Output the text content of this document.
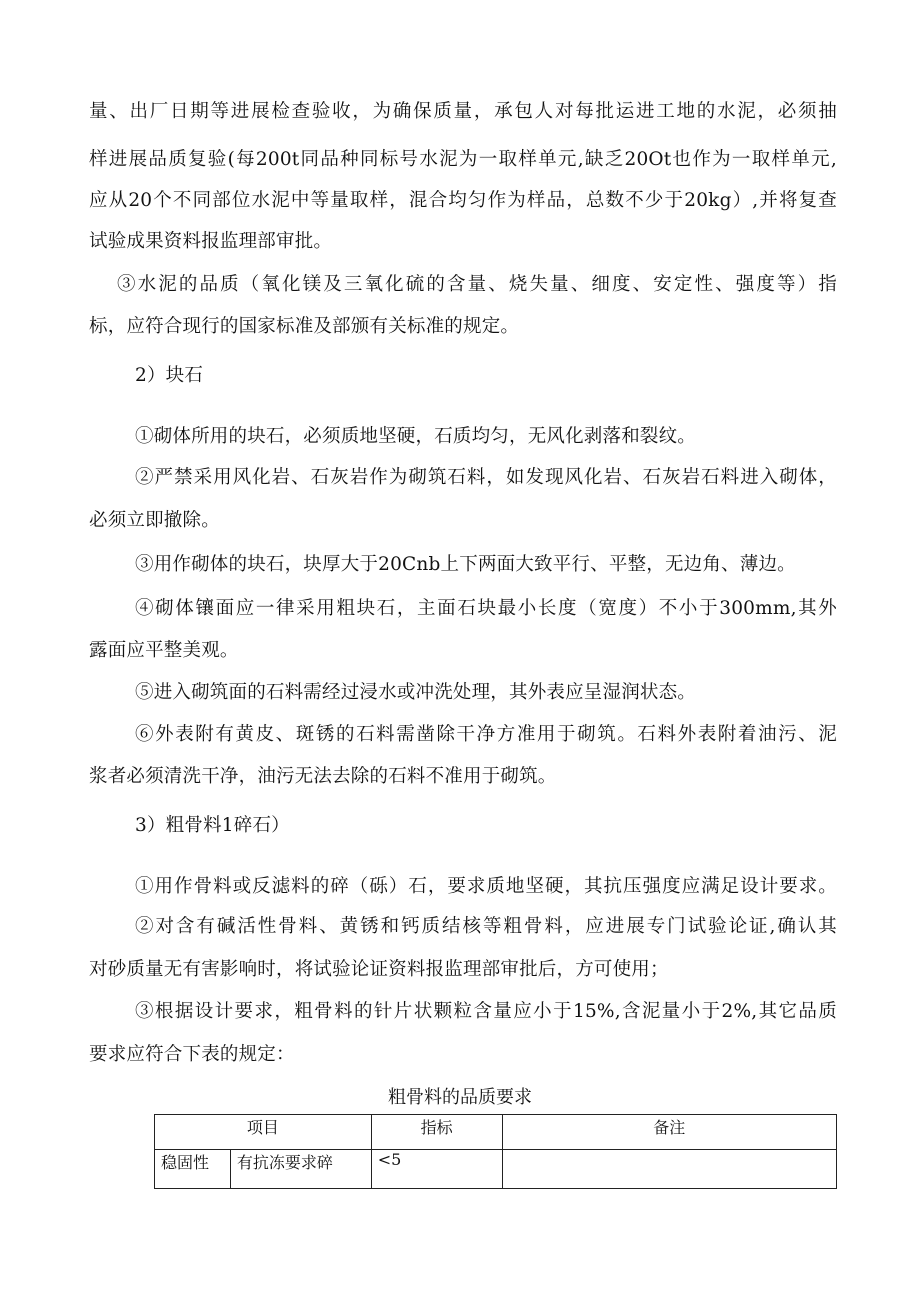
量、出厂日期等进展检查验收，为确保质量，承包人对每批运进工地的水泥，必须抽
样进展品质复验(每200t同品种同标号水泥为一取样单元,缺乏20Ot也作为一取样单元,
应从20个不同部位水泥中等量取样，混合均匀作为样品，总数不少于20kg）,并将复查
试验成果资料报监理部审批。
③水泥的品质（氧化镁及三氧化硫的含量、烧失量、细度、安定性、强度等）指
标，应符合现行的国家标准及部颁有关标准的规定。
2）块石
①砌体所用的块石，必须质地坚硬，石质均匀，无风化剥落和裂纹。
②严禁采用风化岩、石灰岩作为砌筑石料，如发现风化岩、石灰岩石料进入砌体，
必须立即撤除。
③用作砌体的块石，块厚大于20Cnb上下两面大致平行、平整，无边角、薄边。
④砌体镶面应一律采用粗块石，主面石块最小长度（宽度）不小于300mm,其外
露面应平整美观。
⑤进入砌筑面的石料需经过浸水或冲洗处理，其外表应呈湿润状态。
⑥外表附有黄皮、斑锈的石料需凿除干净方准用于砌筑。石料外表附着油污、泥
浆者必须清洗干净，油污无法去除的石料不准用于砌筑。
3）粗骨料1碎石）
①用作骨料或反滤料的碎（砾）石，要求质地坚硬，其抗压强度应满足设计要求。
②对含有碱活性骨料、黄锈和钙质结核等粗骨料，应进展专门试验论证,确认其
对砂质量无有害影响时，将试验论证资料报监理部审批后，方可使用；
③根据设计要求，粗骨料的针片状颗粒含量应小于15%,含泥量小于2%,其它品质
要求应符合下表的规定：
粗骨料的品质要求
项目		指标	备注
稳固性	有抗冻要求碎	<5	
